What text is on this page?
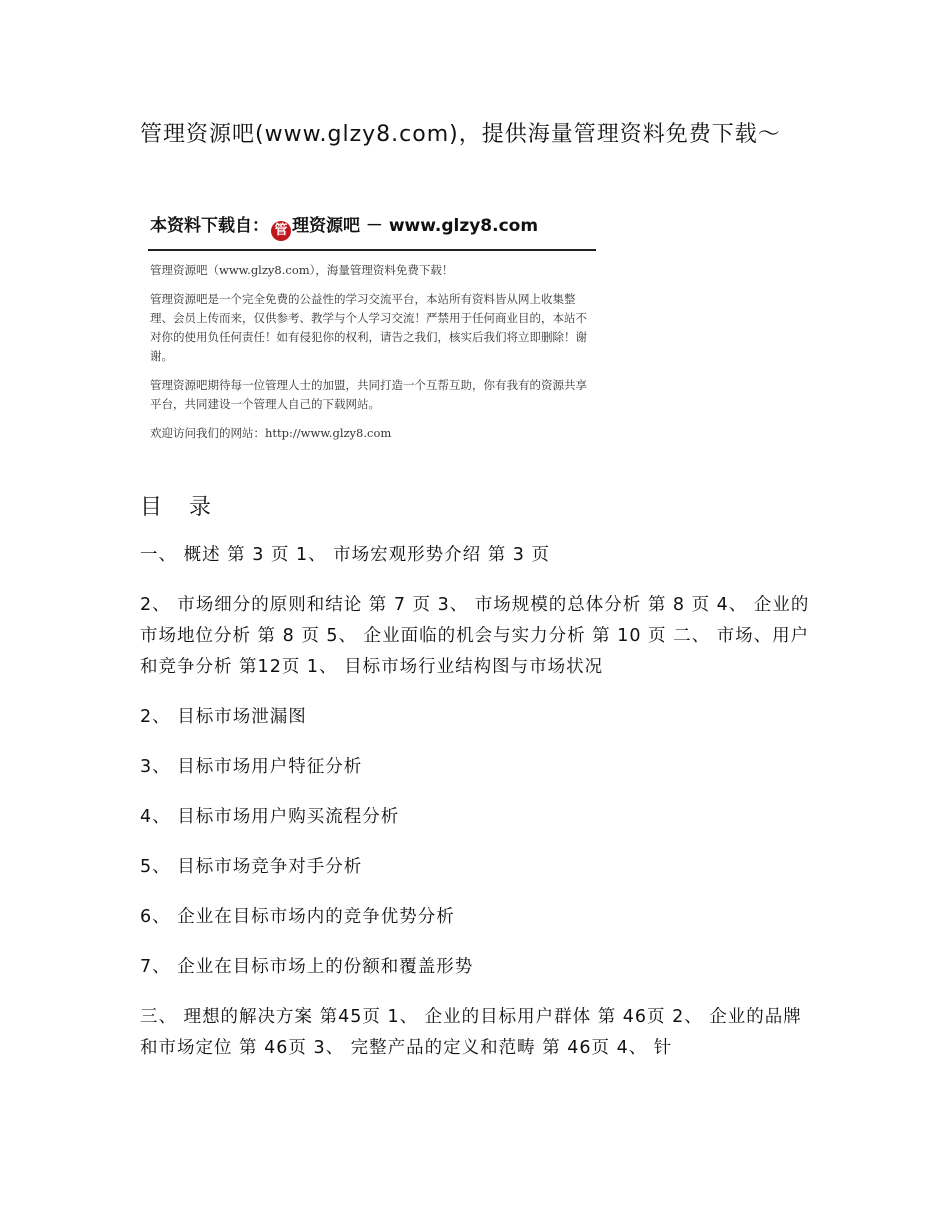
管理资源吧(www.glzy8.com)，提供海量管理资料免费下载～
本资料下载自： 管 理资源吧 － www.glzy8.com

管理资源吧（www.glzy8.com），海量管理资料免费下载！

管理资源吧是一个完全免费的公益性的学习交流平台，本站所有资料皆从网上收集整理、会员上传而来，仅供参考、教学与个人学习交流！严禁用于任何商业目的，本站不对你的使用负任何责任！如有侵犯你的权利，请告之我们，核实后我们将立即删除！谢谢。

管理资源吧期待每一位管理人士的加盟，共同打造一个互帮互助，你有我有的资源共享平台，共同建设一个管理人自己的下载网站。

欢迎访问我们的网站：http://www.glzy8.com

目 录

一、 概述 第 3 页 1、 市场宏观形势介绍 第 3 页

2、 市场细分的原则和结论 第 7 页 3、 市场规模的总体分析 第 8 页 4、 企业的市场地位分析 第 8 页 5、 企业面临的机会与实力分析 第 10 页 二、 市场、用户和竞争分析 第12页 1、 目标市场行业结构图与市场状况

2、 目标市场泄漏图

3、 目标市场用户特征分析

4、 目标市场用户购买流程分析

5、 目标市场竞争对手分析

6、 企业在目标市场内的竞争优势分析

7、 企业在目标市场上的份额和覆盖形势

三、 理想的解决方案 第45页 1、 企业的目标用户群体 第 46页 2、 企业的品牌和市场定位 第 46页 3、 完整产品的定义和范畴 第 46页 4、 针
